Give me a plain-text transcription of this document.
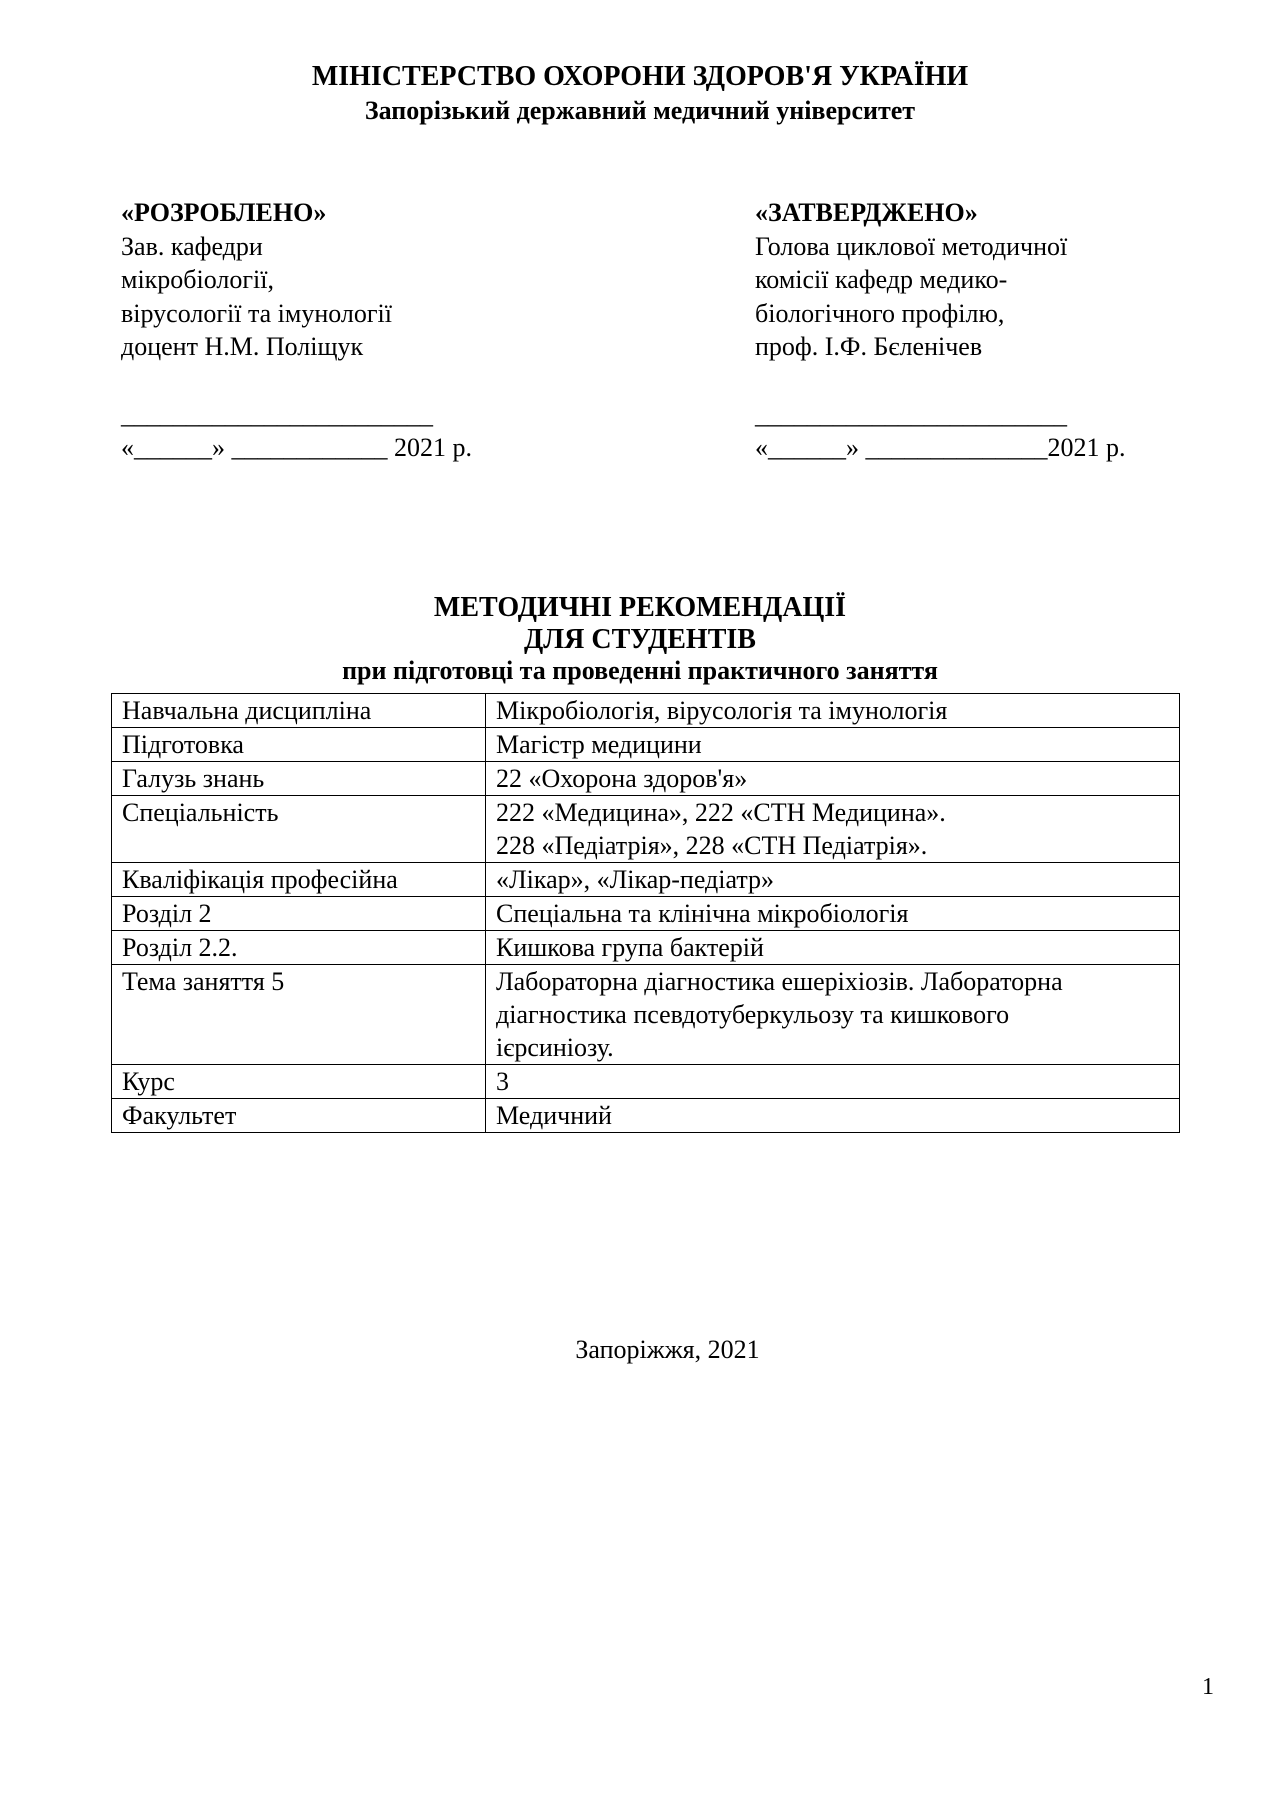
МІНІСТЕРСТВО ОХОРОНИ ЗДОРОВ'Я УКРАЇНИ
Запорізький державний медичний університет
«РОЗРОБЛЕНО»
Зав. кафедри
мікробіології,
вірусології та імунології
доцент Н.М. Поліщук
________________________
«______» ____________ 2021 р.
«ЗАТВЕРДЖЕНО»
Голова циклової методичної
комісії кафедр медико-
біологічного профілю,
проф. І.Ф. Бєленічев
________________________
«______» ______________2021 р.
МЕТОДИЧНІ РЕКОМЕНДАЦІЇ
ДЛЯ СТУДЕНТІВ
при підготовці та проведенні практичного заняття
Навчальна дисципліна	Мікробіологія, вірусологія та імунологія

Підготовка	Магістр медицини

Галузь знань	22 «Охорона здоров'я»

Спеціальність	222 «Медицина», 222 «СТН Медицина».
228 «Педіатрія», 228 «СТН Педіатрія».

Кваліфікація професійна	«Лікар», «Лікар-педіатр»

Розділ 2	Спеціальна та клінічна мікробіологія

Розділ 2.2.	Кишкова група бактерій

Тема заняття 5	Лабораторна діагностика ешеріхіозів. Лабораторна
діагностика псевдотуберкульозу та кишкового
ієрсиніозу.

Курс	3

Факультет	Медичний
Запоріжжя, 2021
1
